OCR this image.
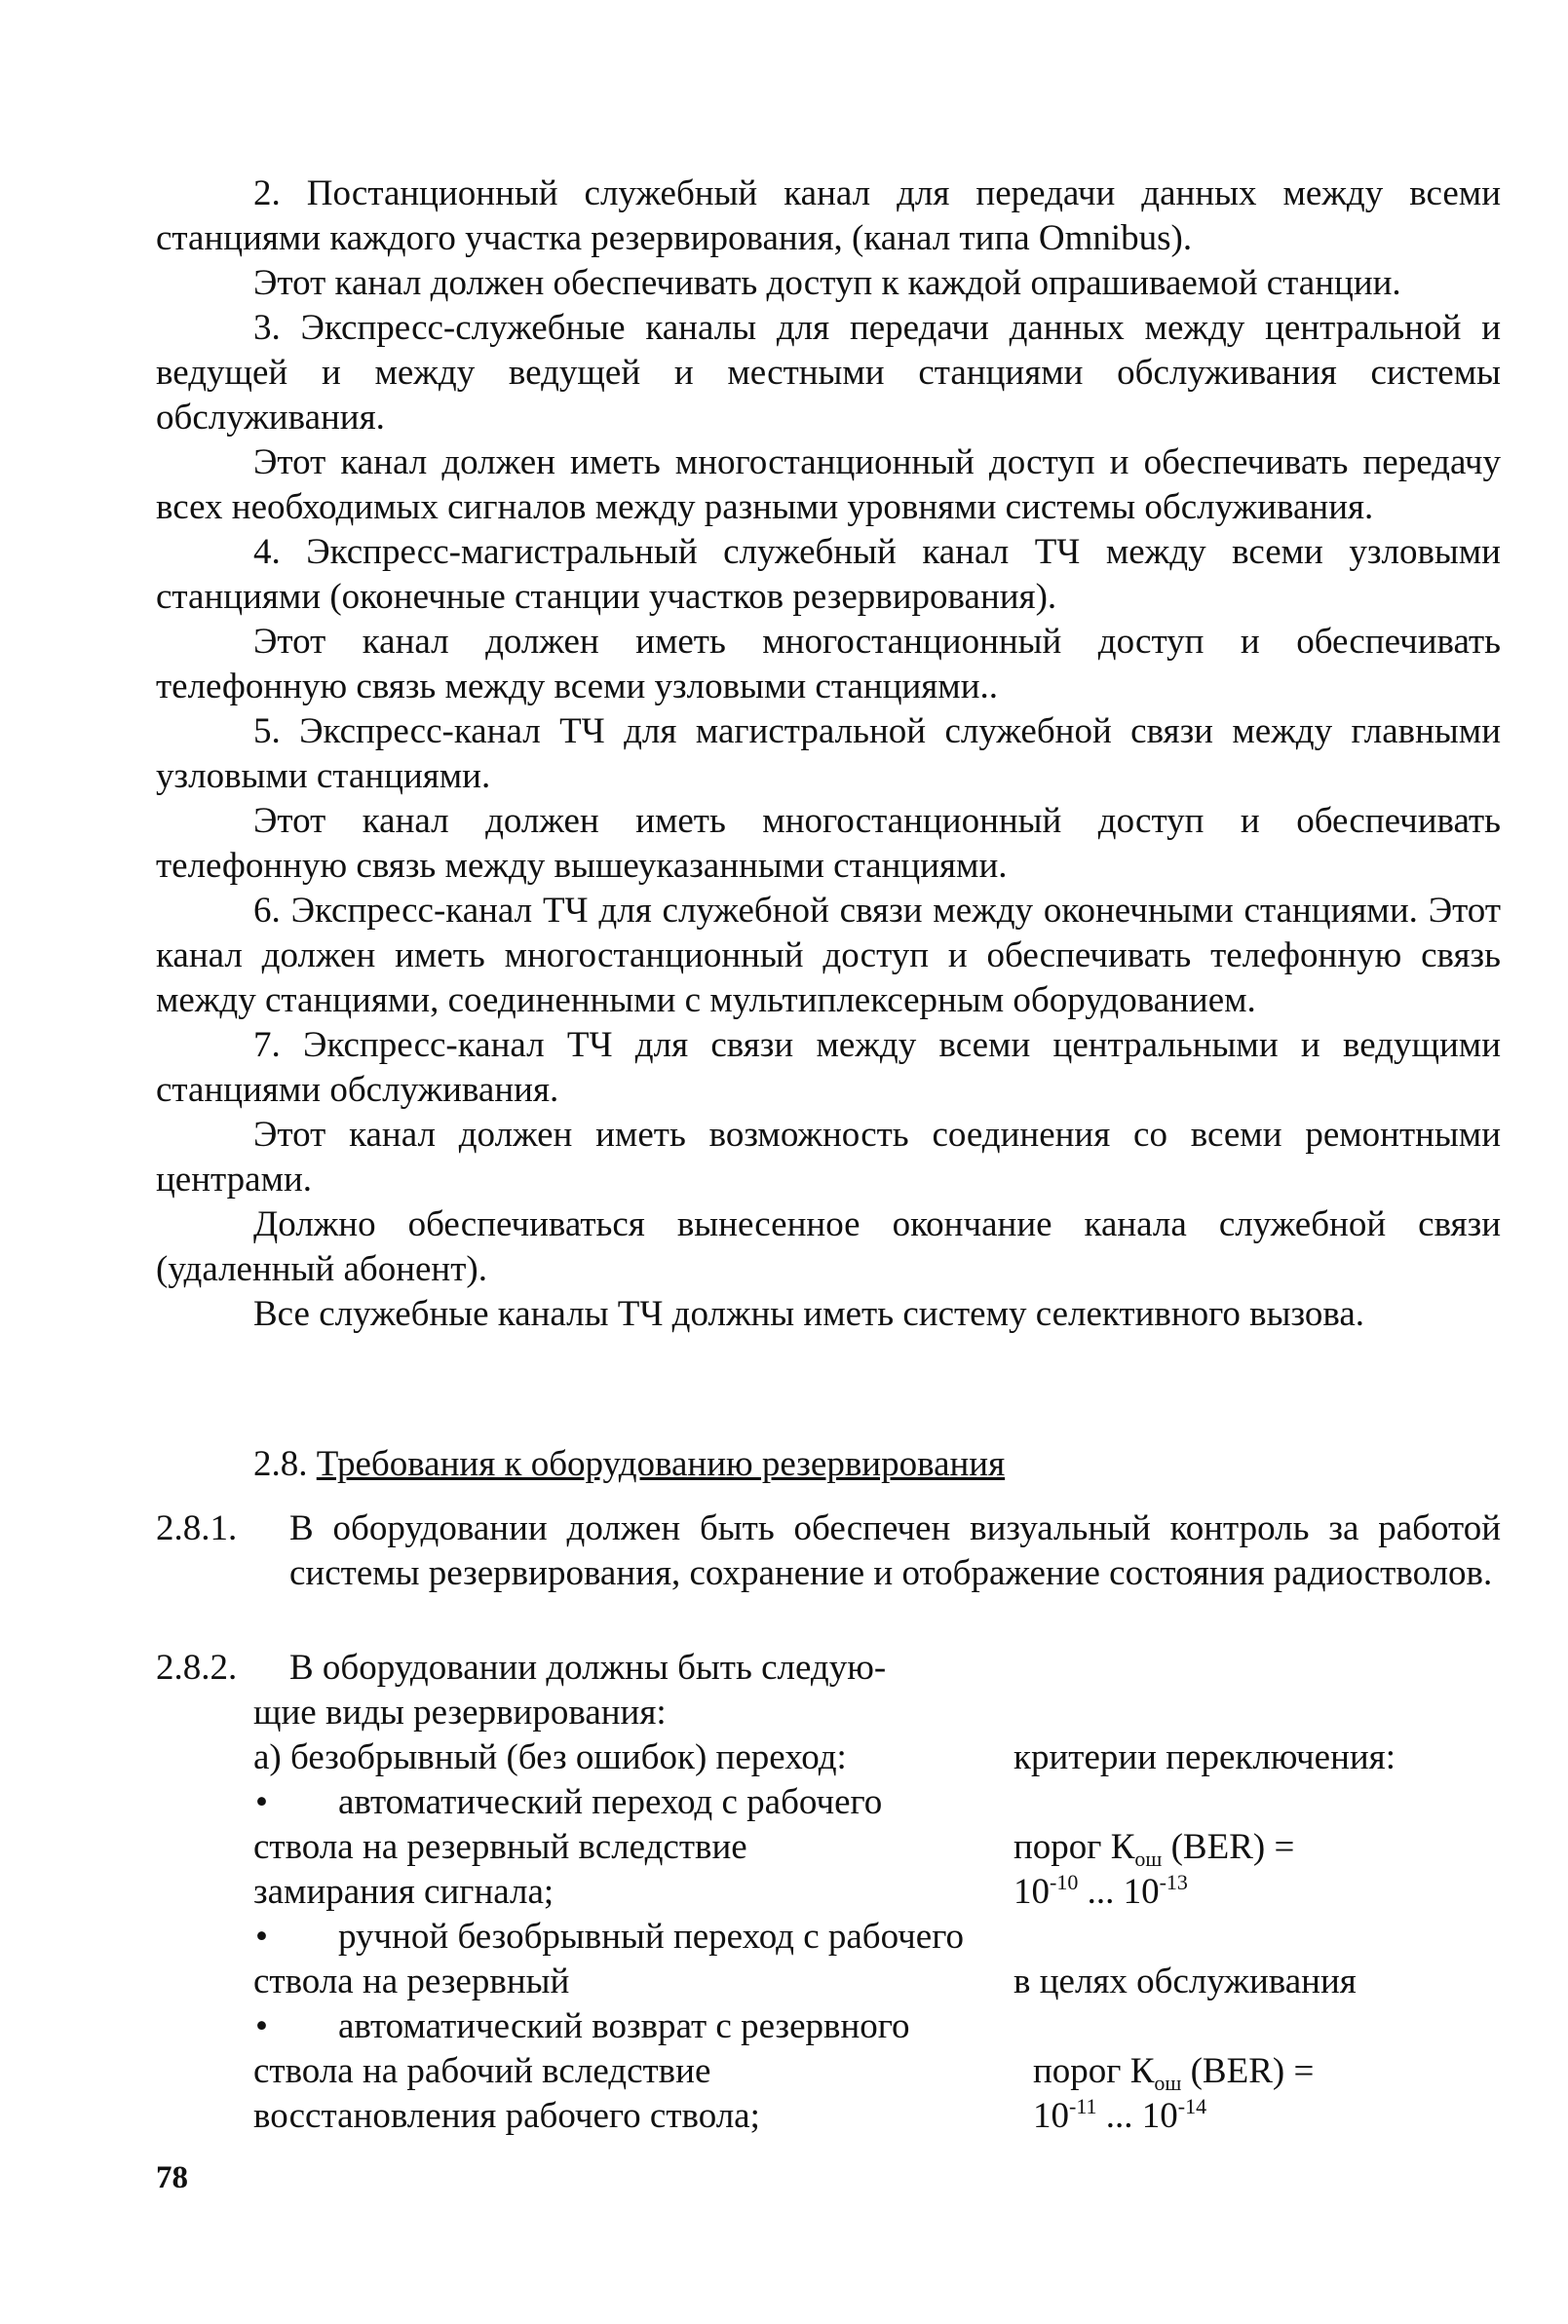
2. Постанционный служебный канал для передачи данных между всеми станциями каждого участка резервирования, (канал типа Omnibus).

Этот канал должен обеспечивать доступ к каждой опрашиваемой станции.

3. Экспресс-служебные каналы для передачи данных между центральной и ведущей и между ведущей и местными станциями обслуживания системы обслуживания.

Этот канал должен иметь многостанционный доступ и обеспечивать передачу всех необходимых сигналов между разными уровнями системы обслуживания.

4. Экспресс-магистральный служебный канал ТЧ между всеми узловыми станциями (оконечные станции участков резервирования).

Этот канал должен иметь многостанционный доступ и обеспечивать телефонную связь между всеми узловыми станциями..

5. Экспресс-канал ТЧ для магистральной служебной связи между главными узловыми станциями.

Этот канал должен иметь многостанционный доступ и обеспечивать телефонную связь между вышеуказанными станциями.

6. Экспресс-канал ТЧ для служебной связи между оконечными станциями. Этот канал должен иметь многостанционный доступ и обеспечивать телефонную связь между станциями, соединенными с мультиплексерным оборудованием.

7. Экспресс-канал ТЧ для связи между всеми центральными и ведущими станциями обслуживания.

Этот канал должен иметь возможность соединения со всеми ремонтными центрами.

Должно обеспечиваться вынесенное окончание канала служебной связи (удаленный абонент).

Все служебные каналы ТЧ должны иметь систему селективного вызова.

2.8. Требования к оборудованию резервирования
2.8.1. В оборудовании должен быть обеспечен визуальный контроль за работой системы резервирования, сохранение и отображение состояния радиостволов.
2.8.2. В оборудовании должны быть следую-
щие виды резервирования:
а) безобрывный (без ошибок) переход:	критерии переключения:
• автоматический переход с рабочего
ствола на резервный вследствие
замирания сигнала;
порог $К_{ош}$ (BER) =
$10^{-10}$ ... $10^{-13}$
• ручной безобрывный переход с рабочего
ствола на резервный	в целях обслуживания
• автоматический возврат с резервного
ствола на рабочий вследствие
восстановления рабочего ствола;
порог $К_{ош}$ (BER) =
$10^{-11}$ ... $10^{-14}$
78
